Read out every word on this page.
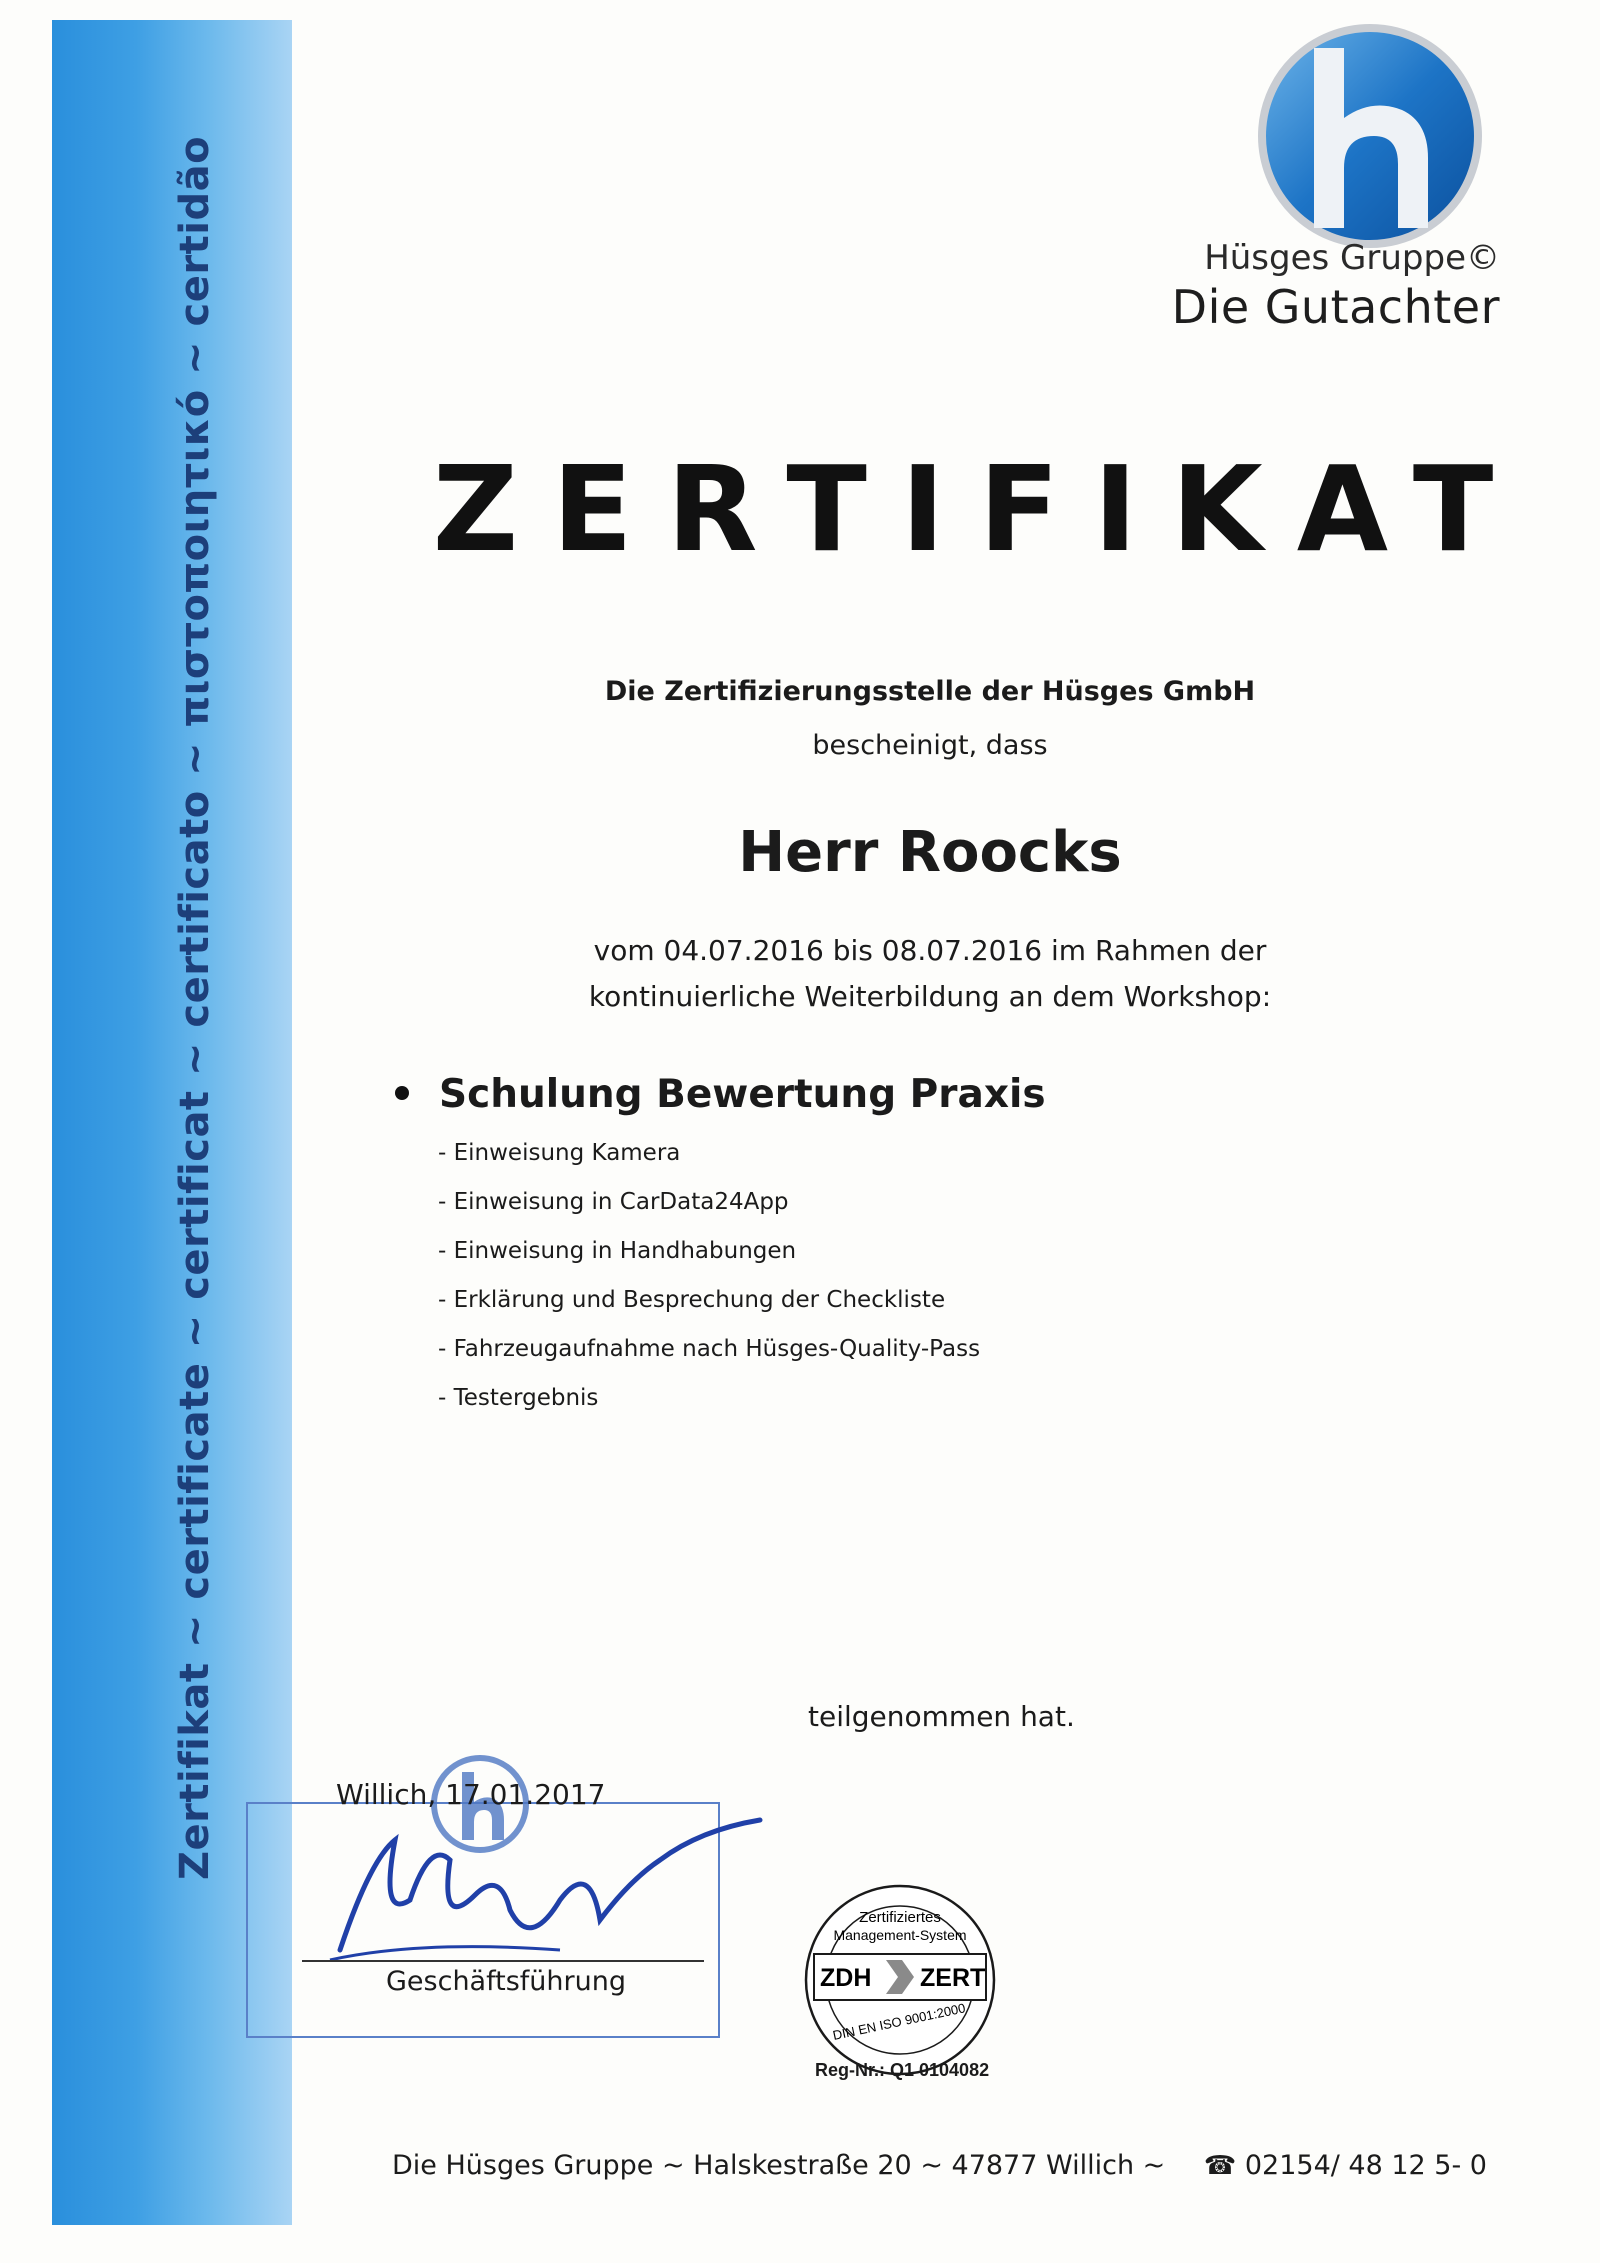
Zertifikat ~ certificate ~ certificat ~ certificato ~ πιστοποιητικό ~ certidão	Hüsges Gruppe©
Die Gutachter
ZERTIFIKAT
Die Zertifizierungsstelle der Hüsges GmbH
bescheinigt, dass
Herr Roocks
vom 04.07.2016 bis 08.07.2016 im Rahmen der
kontinuierliche Weiterbildung an dem Workshop:
Schulung Bewertung Praxis
- Einweisung Kamera
- Einweisung in CarData24App
- Einweisung in Handhabungen
- Erklärung und Besprechung der Checkliste
- Fahrzeugaufnahme nach Hüsges-Quality-Pass
- Testergebnis
teilgenommen hat.
Willich, 17.01.2017
Geschäftsführung
Zertifiziertes
Management-System
ZDH ZERT
DIN EN ISO 9001:2000
Reg-Nr.: Q1 0104082
Die Hüsges Gruppe ~ Halskestraße 20 ~ 47877 Willich ~ ☎ 02154/ 48 12 5- 0
